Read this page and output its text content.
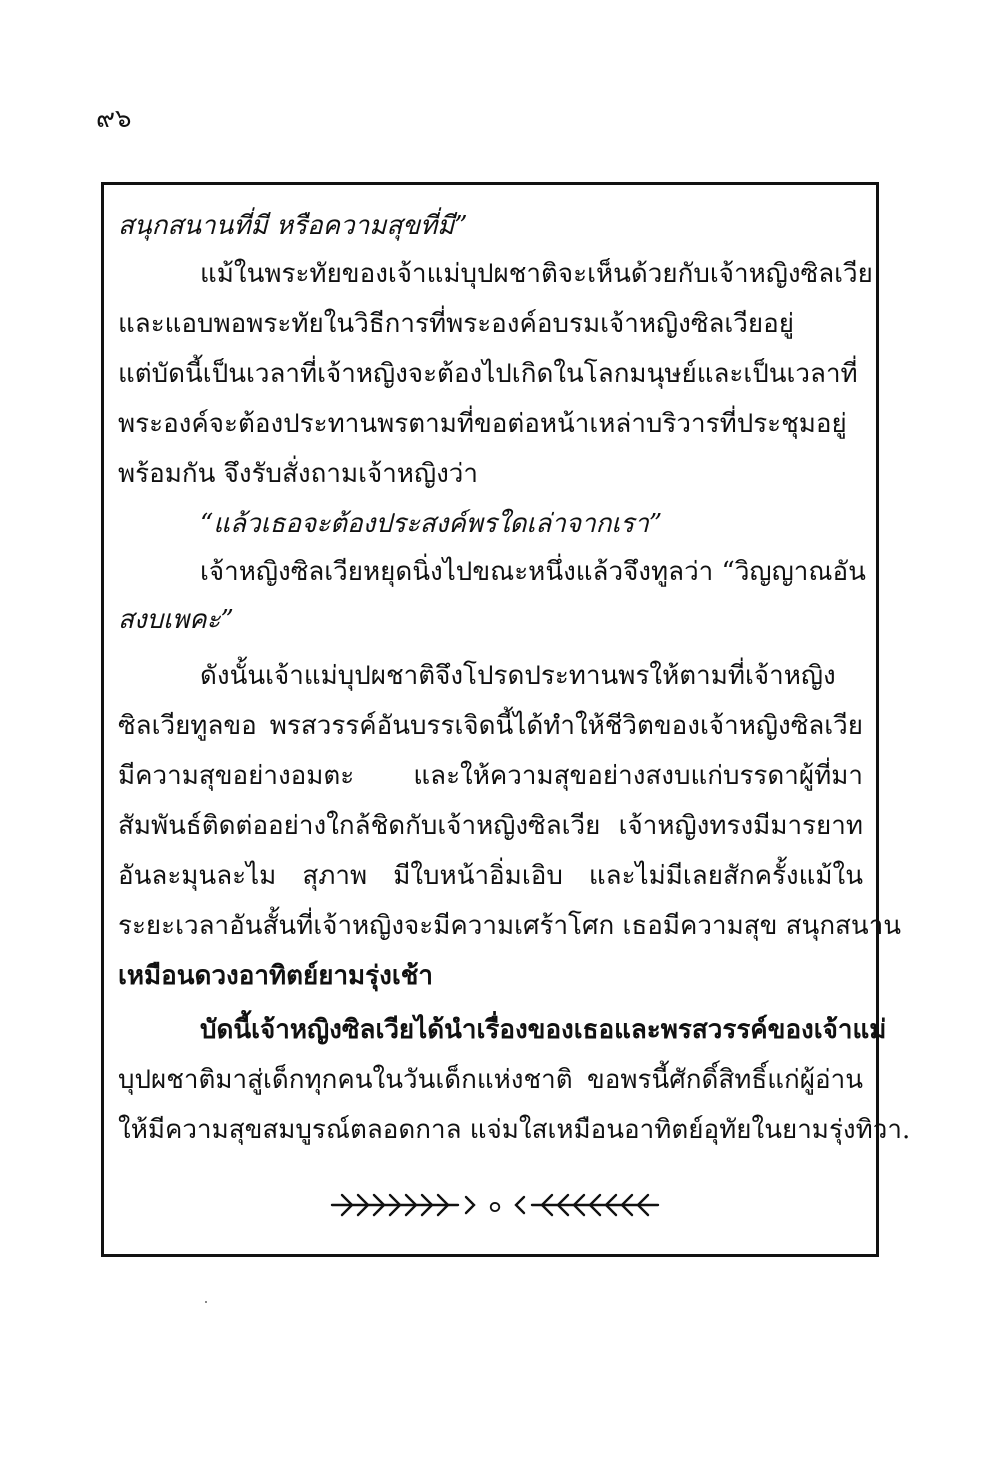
๙๖
สนุกสนานที่มี หรือความสุขที่มี”
แม้ในพระทัยของเจ้าแม่บุปผชาติจะเห็นด้วยกับเจ้าหญิงซิลเวีย
และแอบพอพระทัยในวิธีการที่พระองค์อบรมเจ้าหญิงซิลเวียอยู่
แต่บัดนี้เป็นเวลาที่เจ้าหญิงจะต้องไปเกิดในโลกมนุษย์และเป็นเวลาที่
พระองค์จะต้องประทานพรตามที่ขอต่อหน้าเหล่าบริวารที่ประชุมอยู่
พร้อมกัน จึงรับสั่งถามเจ้าหญิงว่า
“แล้วเธอจะต้องประสงค์พรใดเล่าจากเรา”
เจ้าหญิงซิลเวียหยุดนิ่งไปขณะหนึ่งแล้วจึงทูลว่า “วิญญาณอัน
สงบเพคะ”
ดังนั้นเจ้าแม่บุปผชาติจึงโปรดประทานพรให้ตามที่เจ้าหญิง
ซิลเวียทูลขอ พรสวรรค์อันบรรเจิดนี้ได้ทำให้ชีวิตของเจ้าหญิงซิลเวีย
มีความสุขอย่างอมตะ และให้ความสุขอย่างสงบแก่บรรดาผู้ที่มา
สัมพันธ์ติดต่ออย่างใกล้ชิดกับเจ้าหญิงซิลเวีย เจ้าหญิงทรงมีมารยาท
อันละมุนละไม สุภาพ มีใบหน้าอิ่มเอิบ และไม่มีเลยสักครั้งแม้ใน
ระยะเวลาอันสั้นที่เจ้าหญิงจะมีความเศร้าโศก เธอมีความสุข สนุกสนาน
เหมือนดวงอาทิตย์ยามรุ่งเช้า
บัดนี้เจ้าหญิงซิลเวียได้นำเรื่องของเธอและพรสวรรค์ของเจ้าแม่
บุปผชาติมาสู่เด็กทุกคนในวันเด็กแห่งชาติ ขอพรนี้ศักดิ์สิทธิ์แก่ผู้อ่าน
ให้มีความสุขสมบูรณ์ตลอดกาล แจ่มใสเหมือนอาทิตย์อุทัยในยามรุ่งทิวา.
๐
